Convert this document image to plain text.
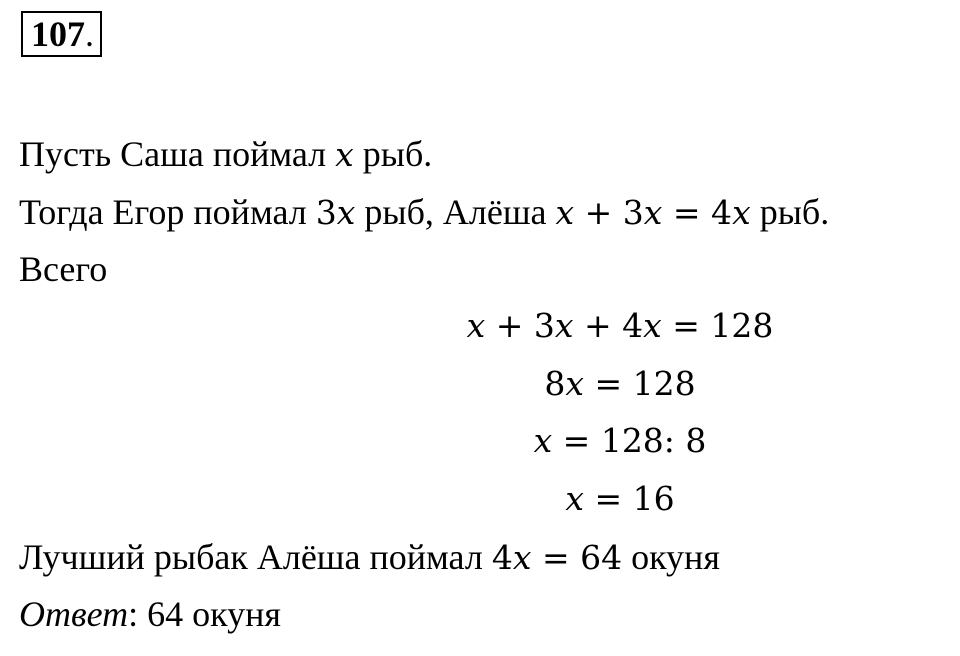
107 .
Пусть Саша поймал x рыб.
Тогда Егор поймал 3x рыб, Алёша x + 3x = 4x рыб.
Всего
x + 3x + 4x = 128
8x = 128
x = 128: 8
x = 16
Лучший рыбак Алёша поймал 4x = 64 окуня
Ответ: 64 окуня
